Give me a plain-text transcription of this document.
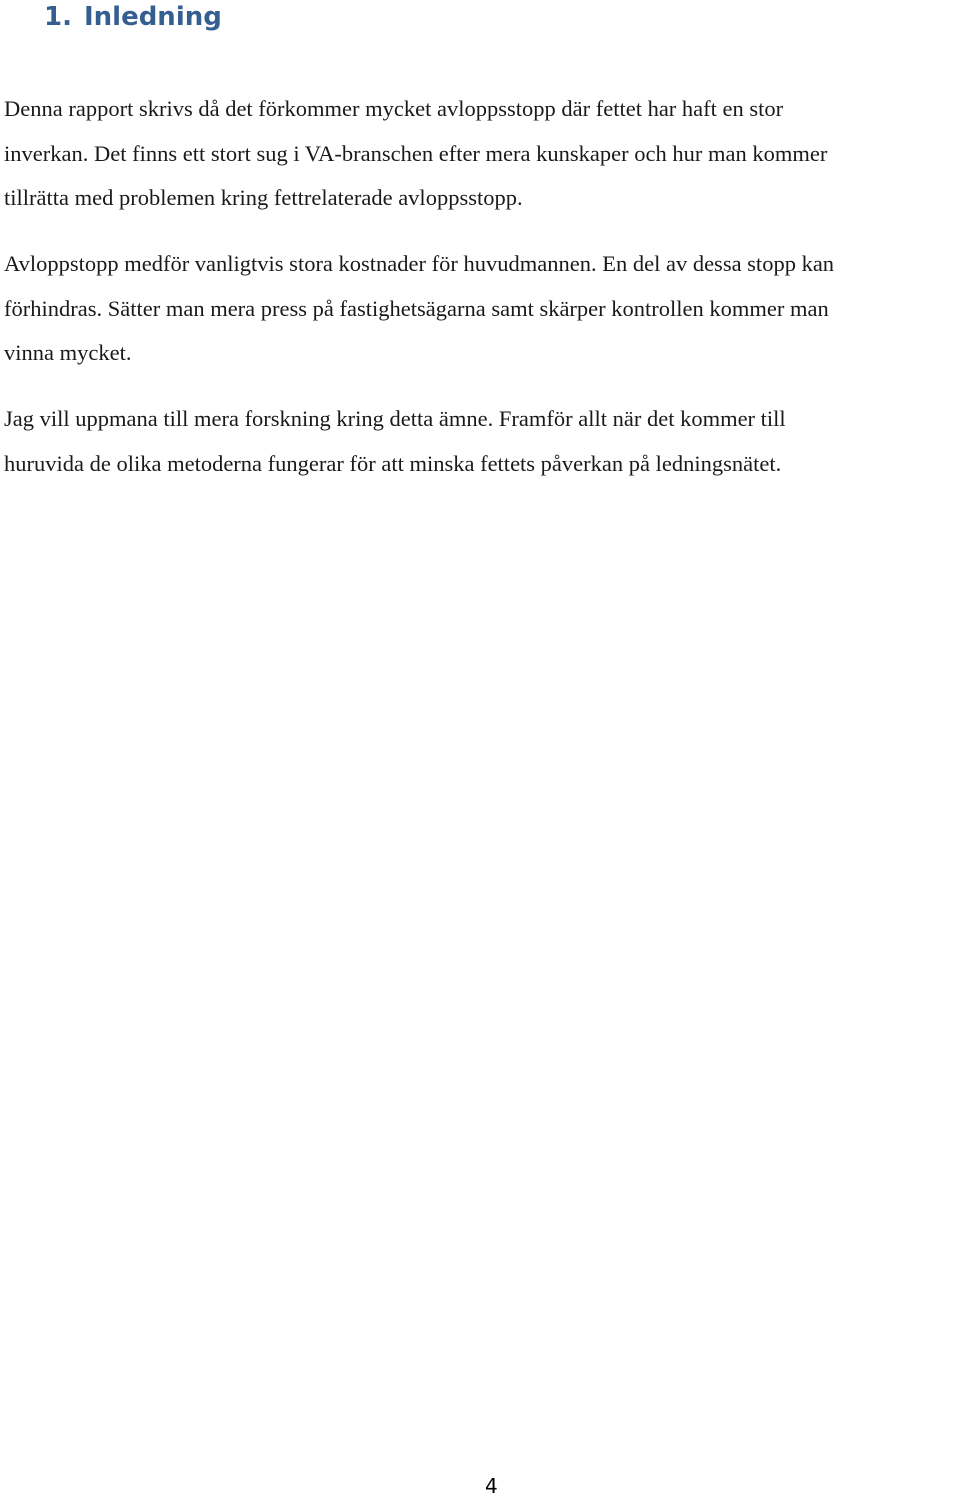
1. Inledning

Denna rapport skrivs då det förkommer mycket avloppsstopp där fettet har haft en stor
inverkan. Det finns ett stort sug i VA-branschen efter mera kunskaper och hur man kommer
tillrätta med problemen kring fettrelaterade avloppsstopp.

Avloppstopp medför vanligtvis stora kostnader för huvudmannen. En del av dessa stopp kan
förhindras. Sätter man mera press på fastighetsägarna samt skärper kontrollen kommer man
vinna mycket.

Jag vill uppmana till mera forskning kring detta ämne. Framför allt när det kommer till
huruvida de olika metoderna fungerar för att minska fettets påverkan på ledningsnätet.

4
